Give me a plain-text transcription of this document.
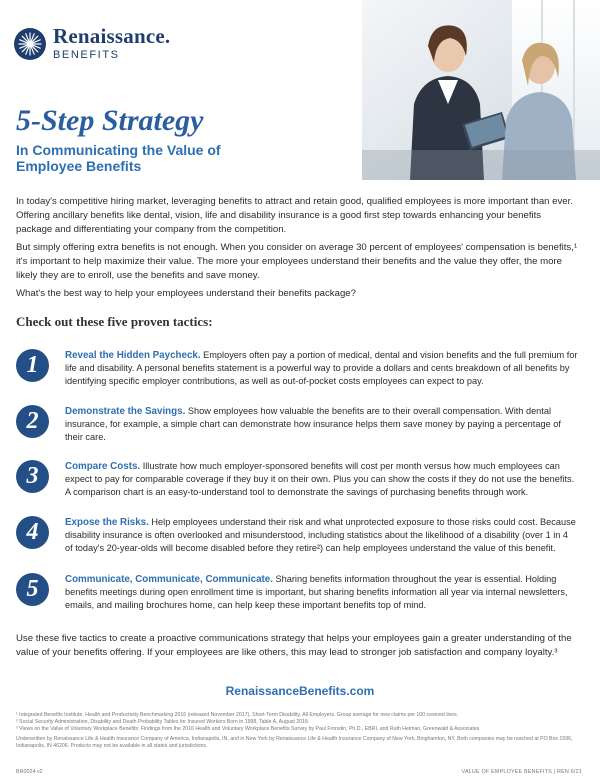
Renaissance.
BENEFITS
5-Step Strategy
In Communicating the Value of Employee Benefits

In today's competitive hiring market, leveraging benefits to attract and retain good, qualified employees is more important than ever. Offering ancillary benefits like dental, vision, life and disability insurance is a good first step towards enhancing your benefits package and differentiating your company from the competition.

But simply offering extra benefits is not enough. When you consider on average 30 percent of employees' compensation is benefits,¹ it's important to help maximize their value. The more your employees understand their benefits and the value they offer, the more likely they are to enroll, use the benefits and save money.

What's the best way to help your employees understand their benefits package?

Check out these five proven tactics:
1	Reveal the Hidden Paycheck. Employers often pay a portion of medical, dental and vision benefits and the full premium for life and disability. A personal benefits statement is a powerful way to provide a dollars and cents breakdown of all benefits by identifying specific employer contributions, as well as out-of-pocket costs employees can expect to pay.

2	Demonstrate the Savings. Show employees how valuable the benefits are to their overall compensation. With dental insurance, for example, a simple chart can demonstrate how insurance helps them save money by paying a percentage of their care.

3	Compare Costs. Illustrate how much employer-sponsored benefits will cost per month versus how much employees can expect to pay for comparable coverage if they buy it on their own. Plus you can show the costs if they do not use the benefits. A comparison chart is an easy-to-understand tool to demonstrate the savings of purchasing benefits through work.

4	Expose the Risks. Help employees understand their risk and what unprotected exposure to those risks could cost. Because disability insurance is often overlooked and misunderstood, including statistics about the likelihood of a disability (over 1 in 4 of today's 20-year-olds will become disabled before they retire²) can help employees understand the value of this benefit.

5	Communicate, Communicate, Communicate. Sharing benefits information throughout the year is essential. Holding benefits meetings during open enrollment time is important, but sharing benefits information all year via internal newsletters, emails, and mailing brochures home, can help keep these important benefits top of mind.

Use these five tactics to create a proactive communications strategy that helps your employees gain a greater understanding of the value of your benefits offering. If your employees are like others, this may lead to stronger job satisfaction and company loyalty.³

RenaissanceBenefits.com
¹ Integrated Benefits Institute, Health and Productivity Benchmarking 2016 (released November 2017), Short-Term Disability, All Employers. Group average for new claims per 100 covered lives.
² Social Security Administration, Disability and Death Probability Tables for Insured Workers Born in 1998, Table A, August 2018.
³ Views on the Value of Voluntary Workplace Benefits: Findings from the 2016 Health and Voluntary Workplace Benefits Survey by Paul Fronstin, Ph.D., EBRI, and Ruth Helman, Greenwald & Associates.
Underwritten by Renaissance Life & Health Insurance Company of America, Indianapolis, IN, and in New York by Renaissance Life & Health Insurance Company of New York, Binghamton, NY. Both companies may be reached at PO Box 1596, Indianapolis, IN 46206. Products may not be available in all states and jurisdictions.
BR0024 v2	VALUE OF EMPLOYEE BENEFITS | REN 6/21
